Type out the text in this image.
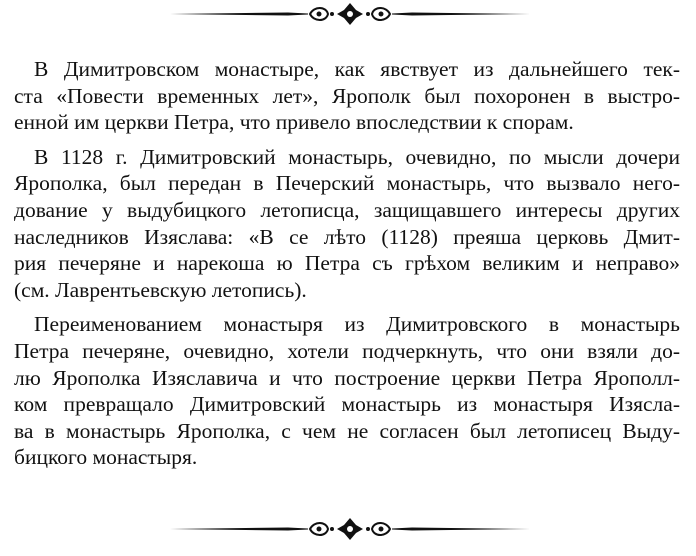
В Димитровском монастыре, как явствует из дальнейшего тек-
ста «Повести временных лет», Ярополк был похоронен в выстро-
енной им церкви Петра, что привело впоследствии к спорам.
В 1128 г. Димитровский монастырь, очевидно, по мысли дочери
Ярополка, был передан в Печерский монастырь, что вызвало него-
дование у выдубицкого летописца, защищавшего интересы других
наследников Изяслава: «В се лѣто (1128) преяша церковь Дмит-
рия печеряне и нарекоша ю Петра съ грѣхом великим и неправо»
(см. Лаврентьевскую летопись).
Переименованием монастыря из Димитровского в монастырь
Петра печеряне, очевидно, хотели подчеркнуть, что они взяли до-
лю Ярополка Изяславича и что построение церкви Петра Ярополл-
ком превращало Димитровский монастырь из монастыря Изясла-
ва в монастырь Ярополка, с чем не согласен был летописец Выду-
бицкого монастыря.
